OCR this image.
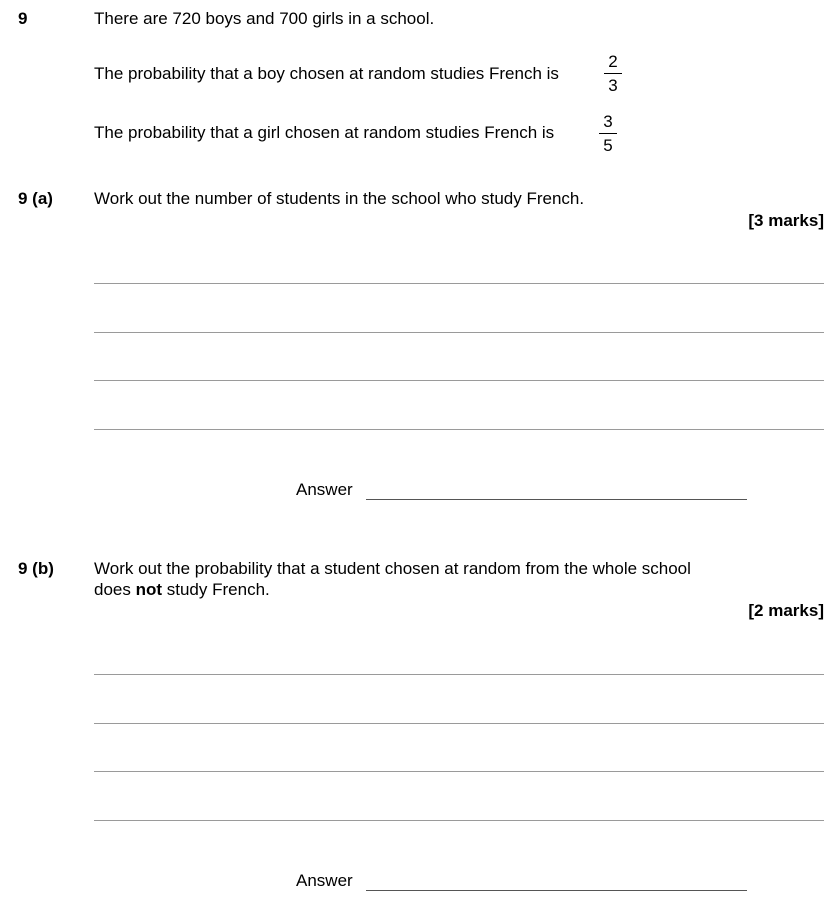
9	There are 720 boys and 700 girls in a school.
The probability that a boy chosen at random studies French is
2
3
The probability that a girl chosen at random studies French is
3
5
9 (a) Work out the number of students in the school who study French.
[3 marks]
Answer
9 (b) Work out the probability that a student chosen at random from the whole school
does not study French.
[2 marks]
Answer
